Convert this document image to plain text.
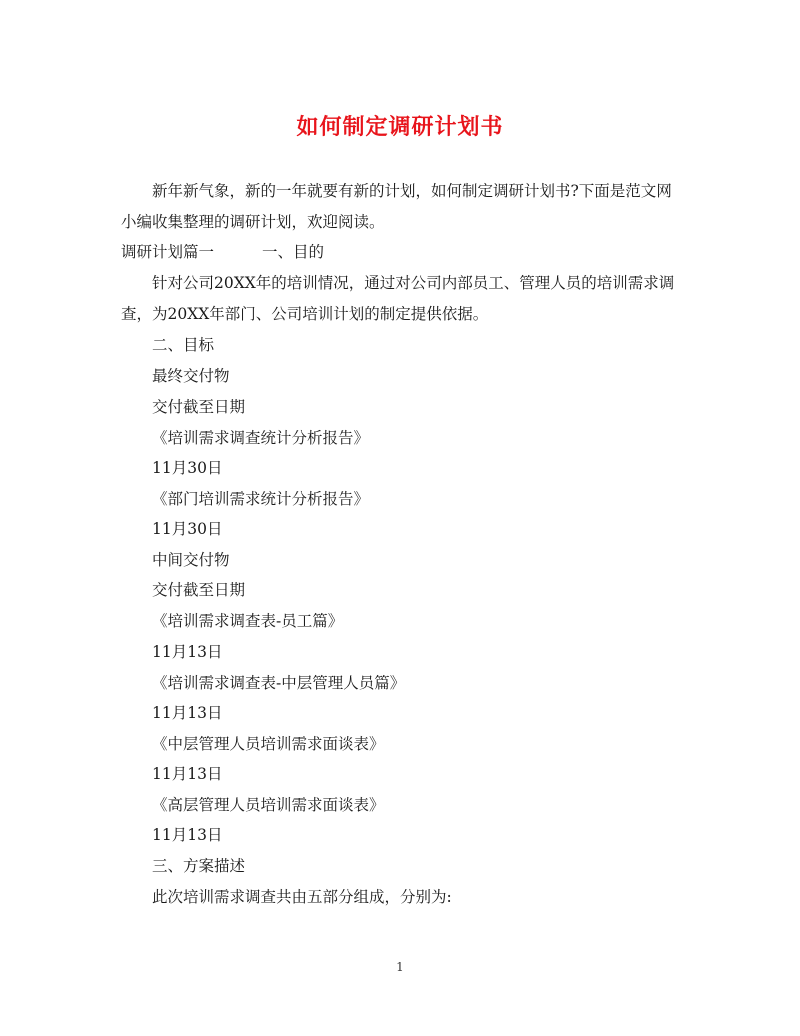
如何制定调研计划书
新年新气象，新的一年就要有新的计划，如何制定调研计划书?下面是范文网
小编收集整理的调研计划，欢迎阅读。
调研计划篇一	一、目的
针对公司20XX年的培训情况，通过对公司内部员工、管理人员的培训需求调
查，为20XX年部门、公司培训计划的制定提供依据。
二、目标
最终交付物
交付截至日期
《培训需求调查统计分析报告》
11月30日
《部门培训需求统计分析报告》
11月30日
中间交付物
交付截至日期
《培训需求调查表-员工篇》
11月13日
《培训需求调查表-中层管理人员篇》
11月13日
《中层管理人员培训需求面谈表》
11月13日
《高层管理人员培训需求面谈表》
11月13日
三、方案描述
此次培训需求调查共由五部分组成，分别为:
1
